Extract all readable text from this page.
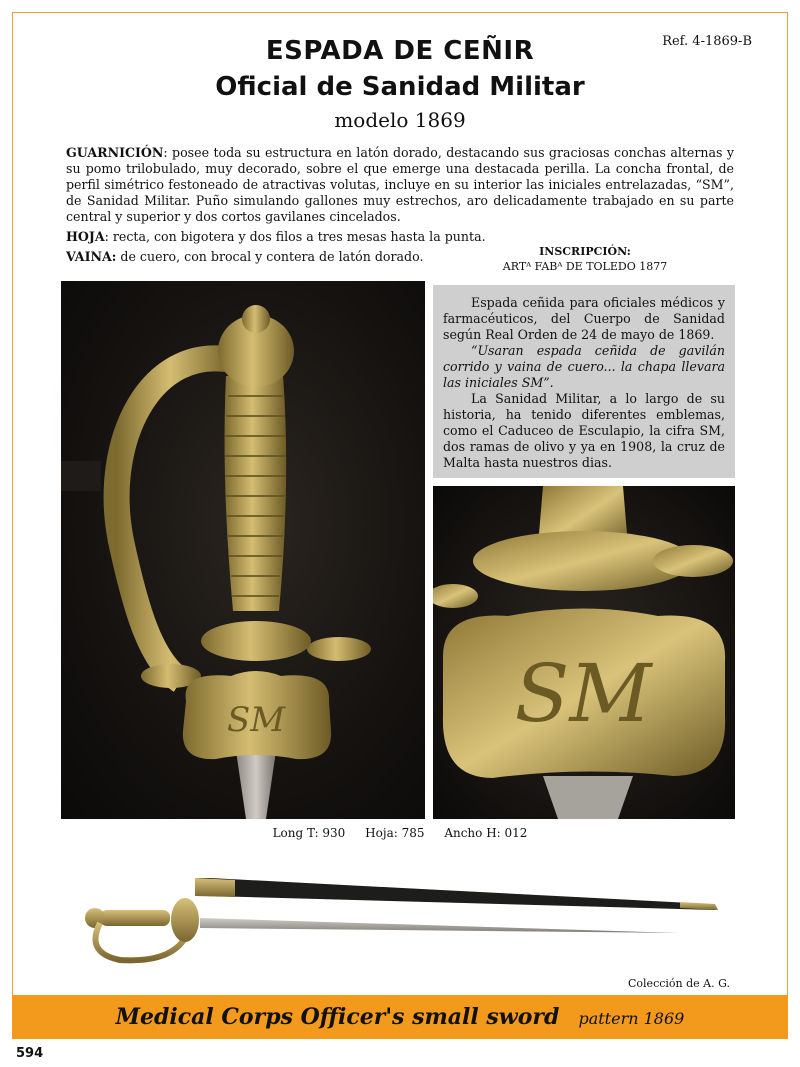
Ref. 4-1869-B
ESPADA DE CEÑIR
Oficial de Sanidad Militar
modelo 1869

GUARNICIÓN: posee toda su estructura en latón dorado, destacando sus graciosas conchas alternas y su pomo trilobulado, muy decorado, sobre el que emerge una destacada perilla. La concha frontal, de perfil simétrico festoneado de atractivas volutas, incluye en su interior las iniciales entrelazadas, “SM”, de Sanidad Militar. Puño simulando gallones muy estrechos, aro delicadamente trabajado en su parte central y superior y dos cortos gavilanes cincelados.

HOJA: recta, con bigotera y dos filos a tres mesas hasta la punta.

VAINA: de cuero, con brocal y contera de latón dorado.	INSCRIPCIÓN:
ARTᴬ FABᴬ DE TOLEDO 1877
SM

Espada ceñida para oficiales médicos y farmacéuticos, del Cuerpo de Sanidad según Real Orden de 24 de mayo de 1869.

“Usaran espada ceñida de gavilán corrido y vaina de cuero... la chapa llevara las iniciales SM”.

La Sanidad Militar, a lo largo de su historia, ha tenido diferentes emblemas, como el Caduceo de Esculapio, la cifra SM, dos ramas de olivo y ya en 1908, la cruz de Malta hasta nuestros dias.

SM
Long T: 930 Hoja: 785 Ancho H: 012
Colección de A. G.
Medical Corps Officer's small sword pattern 1869
594
